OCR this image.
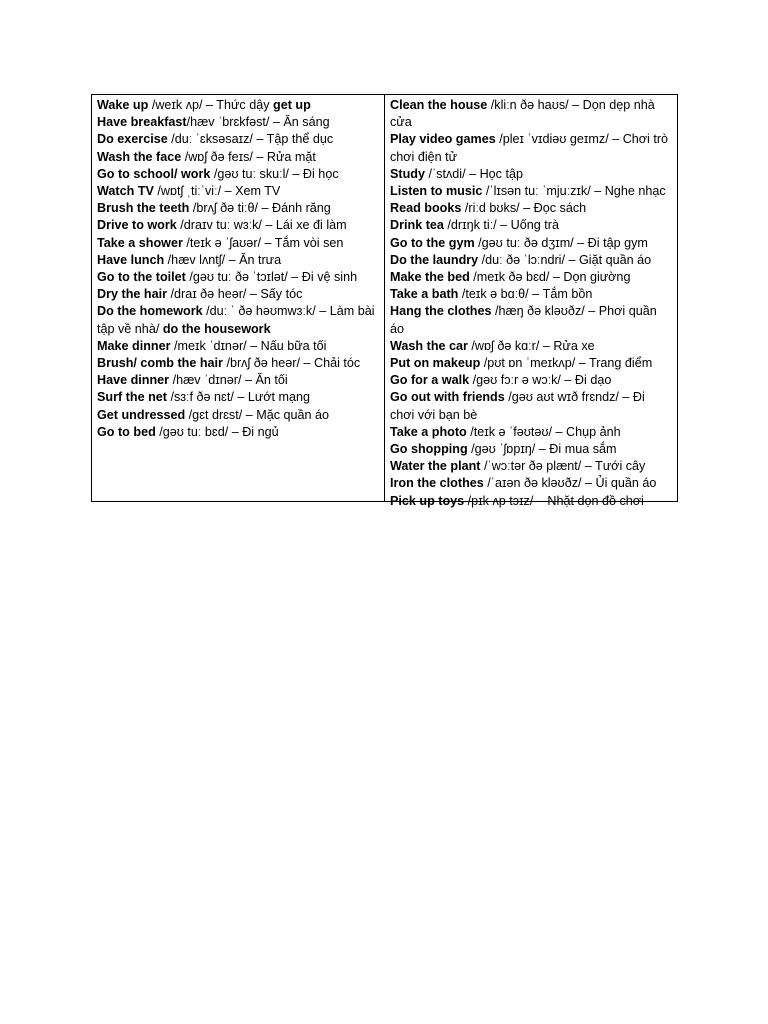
Wake up /weɪk ʌp/ – Thức dậy get up
Have breakfast/hæv ˈbrɛkfəst/ – Ăn sáng
Do exercise /duː ˈɛksəsaɪz/ – Tập thể dục
Wash the face /wɒʃ ðə feɪs/ – Rửa mặt
Go to school/ work /gəʊ tuː skuːl/ – Đi học
Watch TV /wɒtʃ ˌtiːˈviː/ – Xem TV
Brush the teeth /brʌʃ ðə tiːθ/ – Đánh răng
Drive to work /draɪv tuː wɜːk/ – Lái xe đi làm
Take a shower /teɪk ə ˈʃaʊər/ – Tắm vòi sen
Have lunch /hæv lʌntʃ/ – Ăn trưa
Go to the toilet /gəʊ tuː ðə ˈtɔɪlət/ – Đi vệ sinh
Dry the hair /draɪ ðə heər/ – Sấy tóc
Do the homework /duː ˈ ðə həʊmwɜːk/ – Làm bài tập về nhà/ do the housework
Make dinner /meɪk ˈdɪnər/ – Nấu bữa tối
Brush/ comb the hair /brʌʃ ðə heər/ – Chải tóc
Have dinner /hæv ˈdɪnər/ – Ăn tối
Surf the net /sɜːf ðə nɛt/ – Lướt mạng
Get undressed /gɛt drɛst/ – Mặc quần áo
Go to bed /gəʊ tuː bɛd/ – Đi ngủ
Clean the house /kliːn ðə haʊs/ – Dọn dẹp nhà cửa
Play video games /pleɪ ˈvɪdiəʊ geɪmz/ – Chơi trò chơi điện tử
Study /ˈstʌdi/ – Học tập
Listen to music /ˈlɪsən tuː ˈmjuːzɪk/ – Nghe nhạc
Read books /riːd bʊks/ – Đọc sách
Drink tea /drɪŋk tiː/ – Uống trà
Go to the gym /gəʊ tuː ðə dʒɪm/ – Đi tập gym
Do the laundry /duː ðə ˈlɔːndri/ – Giặt quần áo
Make the bed /meɪk ðə bɛd/ – Dọn giường
Take a bath /teɪk ə bɑːθ/ – Tắm bồn
Hang the clothes /hæŋ ðə kləʊðz/ – Phơi quần áo
Wash the car /wɒʃ ðə kɑːr/ – Rửa xe
Put on makeup /pʊt ɒn ˈmeɪkʌp/ – Trang điểm
Go for a walk /gəʊ fɔːr ə wɔːk/ – Đi dạo
Go out with friends /gəʊ aʊt wɪð frɛndz/ – Đi chơi với bạn bè
Take a photo /teɪk ə ˈfəʊtəʊ/ – Chụp ảnh
Go shopping /gəʊ ˈʃɒpɪŋ/ – Đi mua sắm
Water the plant /ˈwɔːtər ðə plænt/ – Tưới cây
Iron the clothes /ˈaɪən ðə kləʊðz/ – Ủi quần áo
Pick up toys /pɪk ʌp tɔɪz/ – Nhặt dọn đồ chơi
